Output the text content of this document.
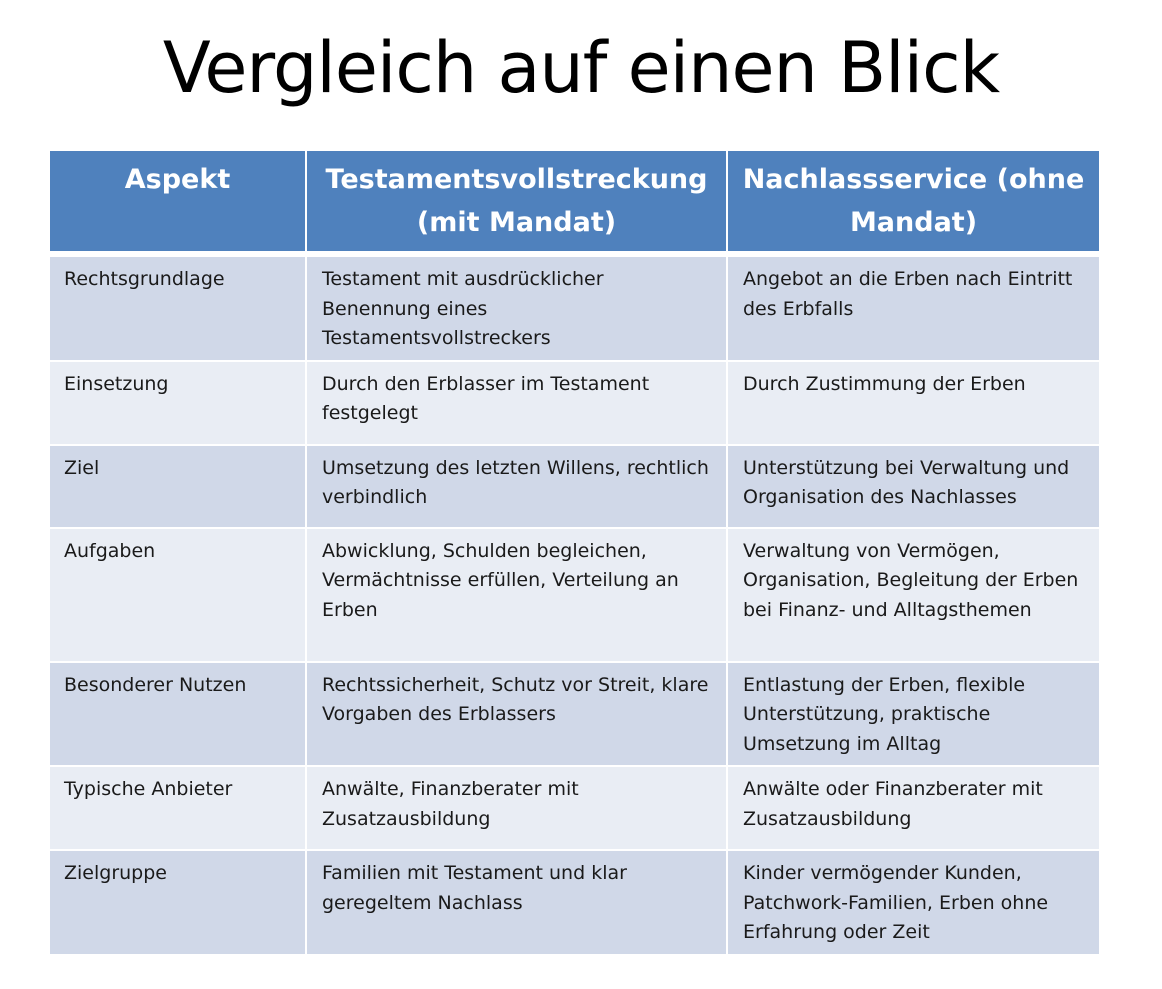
Vergleich auf einen Blick
Aspekt	Testamentsvollstreckung (mit Mandat)	Nachlassservice (ohne Mandat)
Rechtsgrundlage	Testament mit ausdrücklicher Benennung eines Testamentsvollstreckers	Angebot an die Erben nach Eintritt des Erbfalls
Einsetzung	Durch den Erblasser im Testament festgelegt	Durch Zustimmung der Erben
Ziel	Umsetzung des letzten Willens, rechtlich verbindlich	Unterstützung bei Verwaltung und Organisation des Nachlasses
Aufgaben	Abwicklung, Schulden begleichen, Vermächtnisse erfüllen, Verteilung an Erben	Verwaltung von Vermögen, Organisation, Begleitung der Erben bei Finanz- und Alltagsthemen
Besonderer Nutzen	Rechtssicherheit, Schutz vor Streit, klare Vorgaben des Erblassers	Entlastung der Erben, flexible Unterstützung, praktische Umsetzung im Alltag
Typische Anbieter	Anwälte, Finanzberater mit Zusatzausbildung	Anwälte oder Finanzberater mit Zusatzausbildung
Zielgruppe	Familien mit Testament und klar geregeltem Nachlass	Kinder vermögender Kunden, Patchwork-Familien, Erben ohne Erfahrung oder Zeit
